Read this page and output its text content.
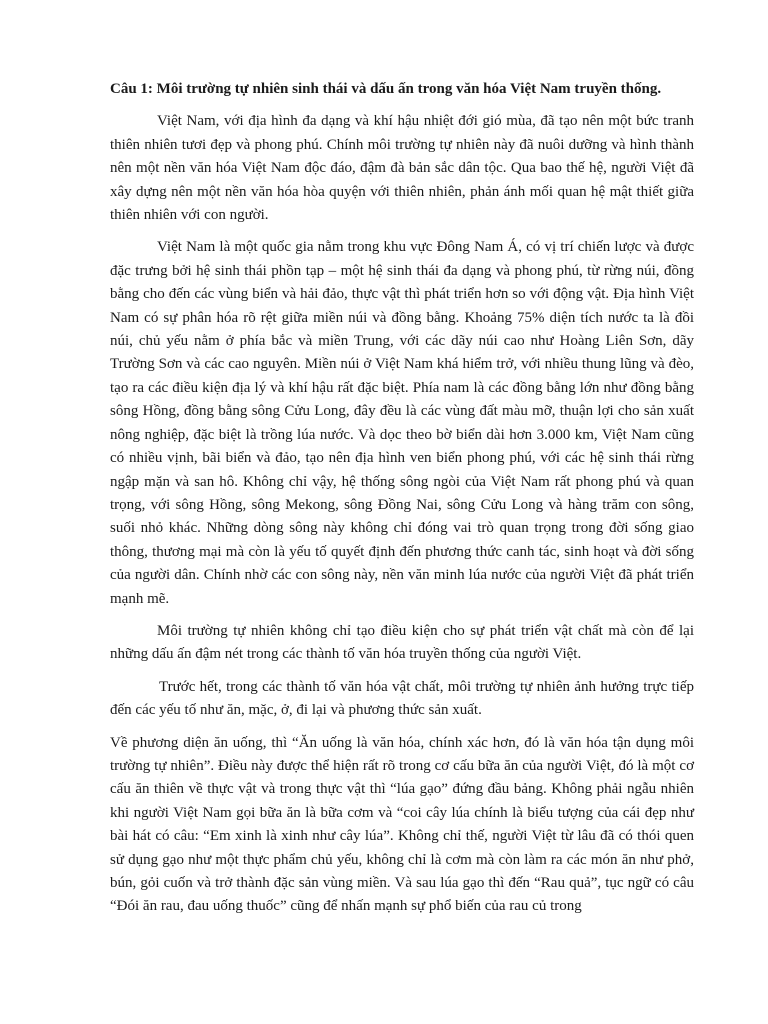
Câu 1: Môi trường tự nhiên sinh thái và dấu ấn trong văn hóa Việt Nam truyền thống.

Việt Nam, với địa hình đa dạng và khí hậu nhiệt đới gió mùa, đã tạo nên một bức tranh thiên nhiên tươi đẹp và phong phú. Chính môi trường tự nhiên này đã nuôi dưỡng và hình thành nên một nền văn hóa Việt Nam độc đáo, đậm đà bản sắc dân tộc. Qua bao thế hệ, người Việt đã xây dựng nên một nền văn hóa hòa quyện với thiên nhiên, phản ánh mối quan hệ mật thiết giữa thiên nhiên với con người.

Việt Nam là một quốc gia nằm trong khu vực Đông Nam Á, có vị trí chiến lược và được đặc trưng bởi hệ sinh thái phồn tạp – một hệ sinh thái đa dạng và phong phú, từ rừng núi, đồng bằng cho đến các vùng biển và hải đảo, thực vật thì phát triển hơn so với động vật. Địa hình Việt Nam có sự phân hóa rõ rệt giữa miền núi và đồng bằng. Khoảng 75% diện tích nước ta là đồi núi, chủ yếu nằm ở phía bắc và miền Trung, với các dãy núi cao như Hoàng Liên Sơn, dãy Trường Sơn và các cao nguyên. Miền núi ở Việt Nam khá hiểm trở, với nhiều thung lũng và đèo, tạo ra các điều kiện địa lý và khí hậu rất đặc biệt. Phía nam là các đồng bằng lớn như đồng bằng sông Hồng, đồng bằng sông Cửu Long, đây đều là các vùng đất màu mỡ, thuận lợi cho sản xuất nông nghiệp, đặc biệt là trồng lúa nước. Và dọc theo bờ biển dài hơn 3.000 km, Việt Nam cũng có nhiều vịnh, bãi biển và đảo, tạo nên địa hình ven biển phong phú, với các hệ sinh thái rừng ngập mặn và san hô. Không chỉ vậy, hệ thống sông ngòi của Việt Nam rất phong phú và quan trọng, với sông Hồng, sông Mekong, sông Đồng Nai, sông Cửu Long và hàng trăm con sông, suối nhỏ khác. Những dòng sông này không chỉ đóng vai trò quan trọng trong đời sống giao thông, thương mại mà còn là yếu tố quyết định đến phương thức canh tác, sinh hoạt và đời sống của người dân. Chính nhờ các con sông này, nền văn minh lúa nước của người Việt đã phát triển mạnh mẽ.

Môi trường tự nhiên không chỉ tạo điều kiện cho sự phát triển vật chất mà còn để lại những dấu ấn đậm nét trong các thành tố văn hóa truyền thống của người Việt.

Trước hết, trong các thành tố văn hóa vật chất, môi trường tự nhiên ảnh hưởng trực tiếp đến các yếu tố như ăn, mặc, ở, đi lại và phương thức sản xuất.

Về phương diện ăn uống, thì “Ăn uống là văn hóa, chính xác hơn, đó là văn hóa tận dụng môi trường tự nhiên”. Điều này được thể hiện rất rõ trong cơ cấu bữa ăn của người Việt, đó là một cơ cấu ăn thiên về thực vật và trong thực vật thì “lúa gạo” đứng đầu bảng. Không phải ngẫu nhiên khi người Việt Nam gọi bữa ăn là bữa cơm và “coi cây lúa chính là biểu tượng của cái đẹp như bài hát có câu: “Em xinh là xinh như cây lúa”. Không chỉ thế, người Việt từ lâu đã có thói quen sử dụng gạo như một thực phẩm chủ yếu, không chỉ là cơm mà còn làm ra các món ăn như phở, bún, gỏi cuốn và trở thành đặc sản vùng miền. Và sau lúa gạo thì đến “Rau quả”, tục ngữ có câu “Đói ăn rau, đau uống thuốc” cũng để nhấn mạnh sự phổ biến của rau củ trong
